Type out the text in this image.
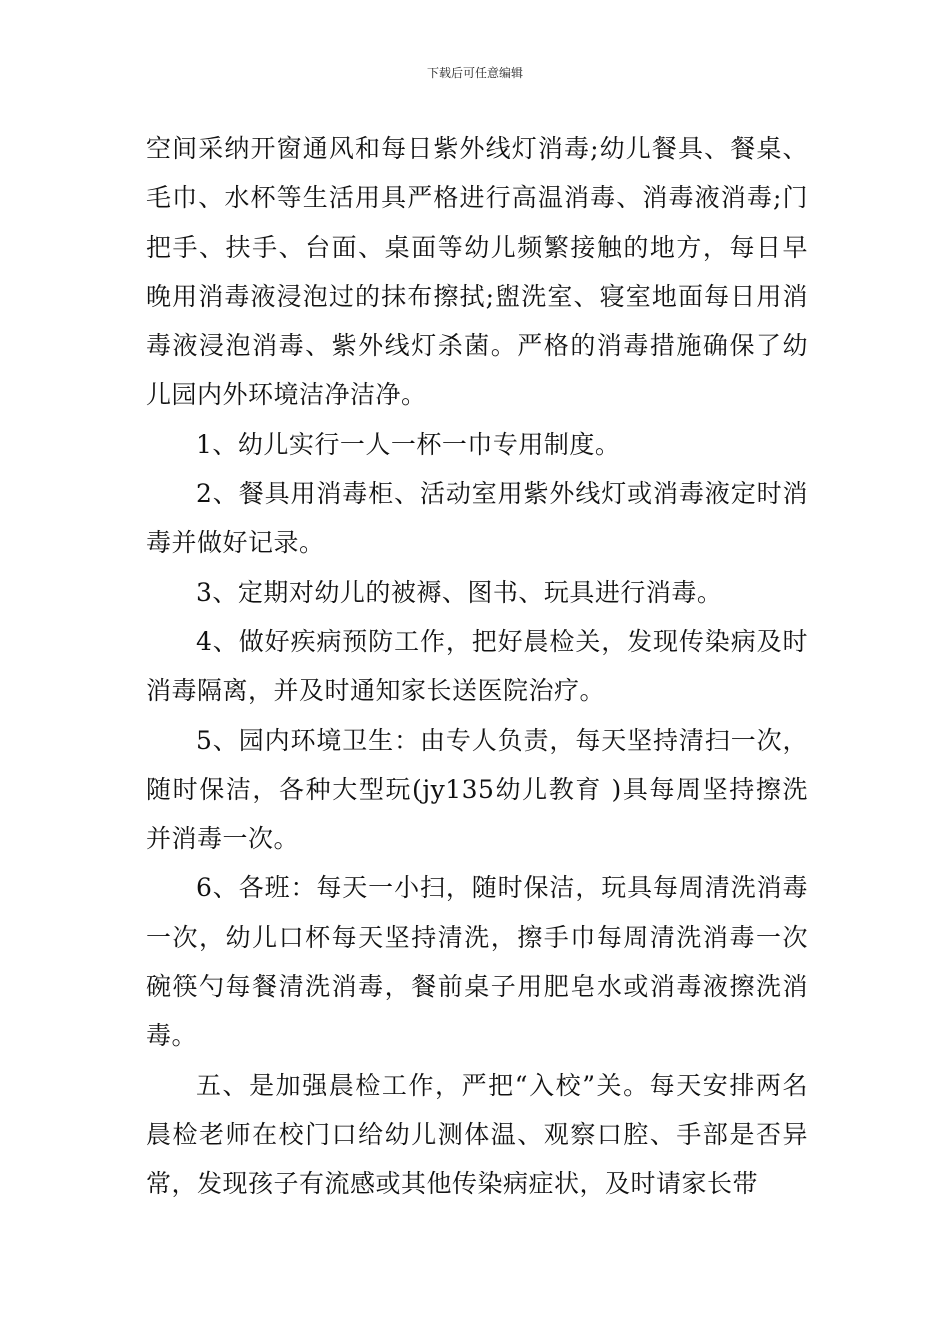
下载后可任意编辑

空间采纳开窗通风和每日紫外线灯消毒;幼儿餐具、餐桌、毛巾、水杯等生活用具严格进行高温消毒、消毒液消毒;门把手、扶手、台面、桌面等幼儿频繁接触的地方，每日早晚用消毒液浸泡过的抹布擦拭;盥洗室、寝室地面每日用消毒液浸泡消毒、紫外线灯杀菌。严格的消毒措施确保了幼儿园内外环境洁净洁净。

1、幼儿实行一人一杯一巾专用制度。

2、餐具用消毒柜、活动室用紫外线灯或消毒液定时消毒并做好记录。

3、定期对幼儿的被褥、图书、玩具进行消毒。

4、做好疾病预防工作，把好晨检关，发现传染病及时消毒隔离，并及时通知家长送医院治疗。

5、园内环境卫生：由专人负责，每天坚持清扫一次，随时保洁，各种大型玩(jy135幼儿教育 )具每周坚持擦洗并消毒一次。

6、各班：每天一小扫，随时保洁，玩具每周清洗消毒一次，幼儿口杯每天坚持清洗，擦手巾每周清洗消毒一次碗筷勺每餐清洗消毒，餐前桌子用肥皂水或消毒液擦洗消毒。

五、是加强晨检工作，严把“入校”关。每天安排两名晨检老师在校门口给幼儿测体温、观察口腔、手部是否异常，发现孩子有流感或其他传染病症状，及时请家长带
